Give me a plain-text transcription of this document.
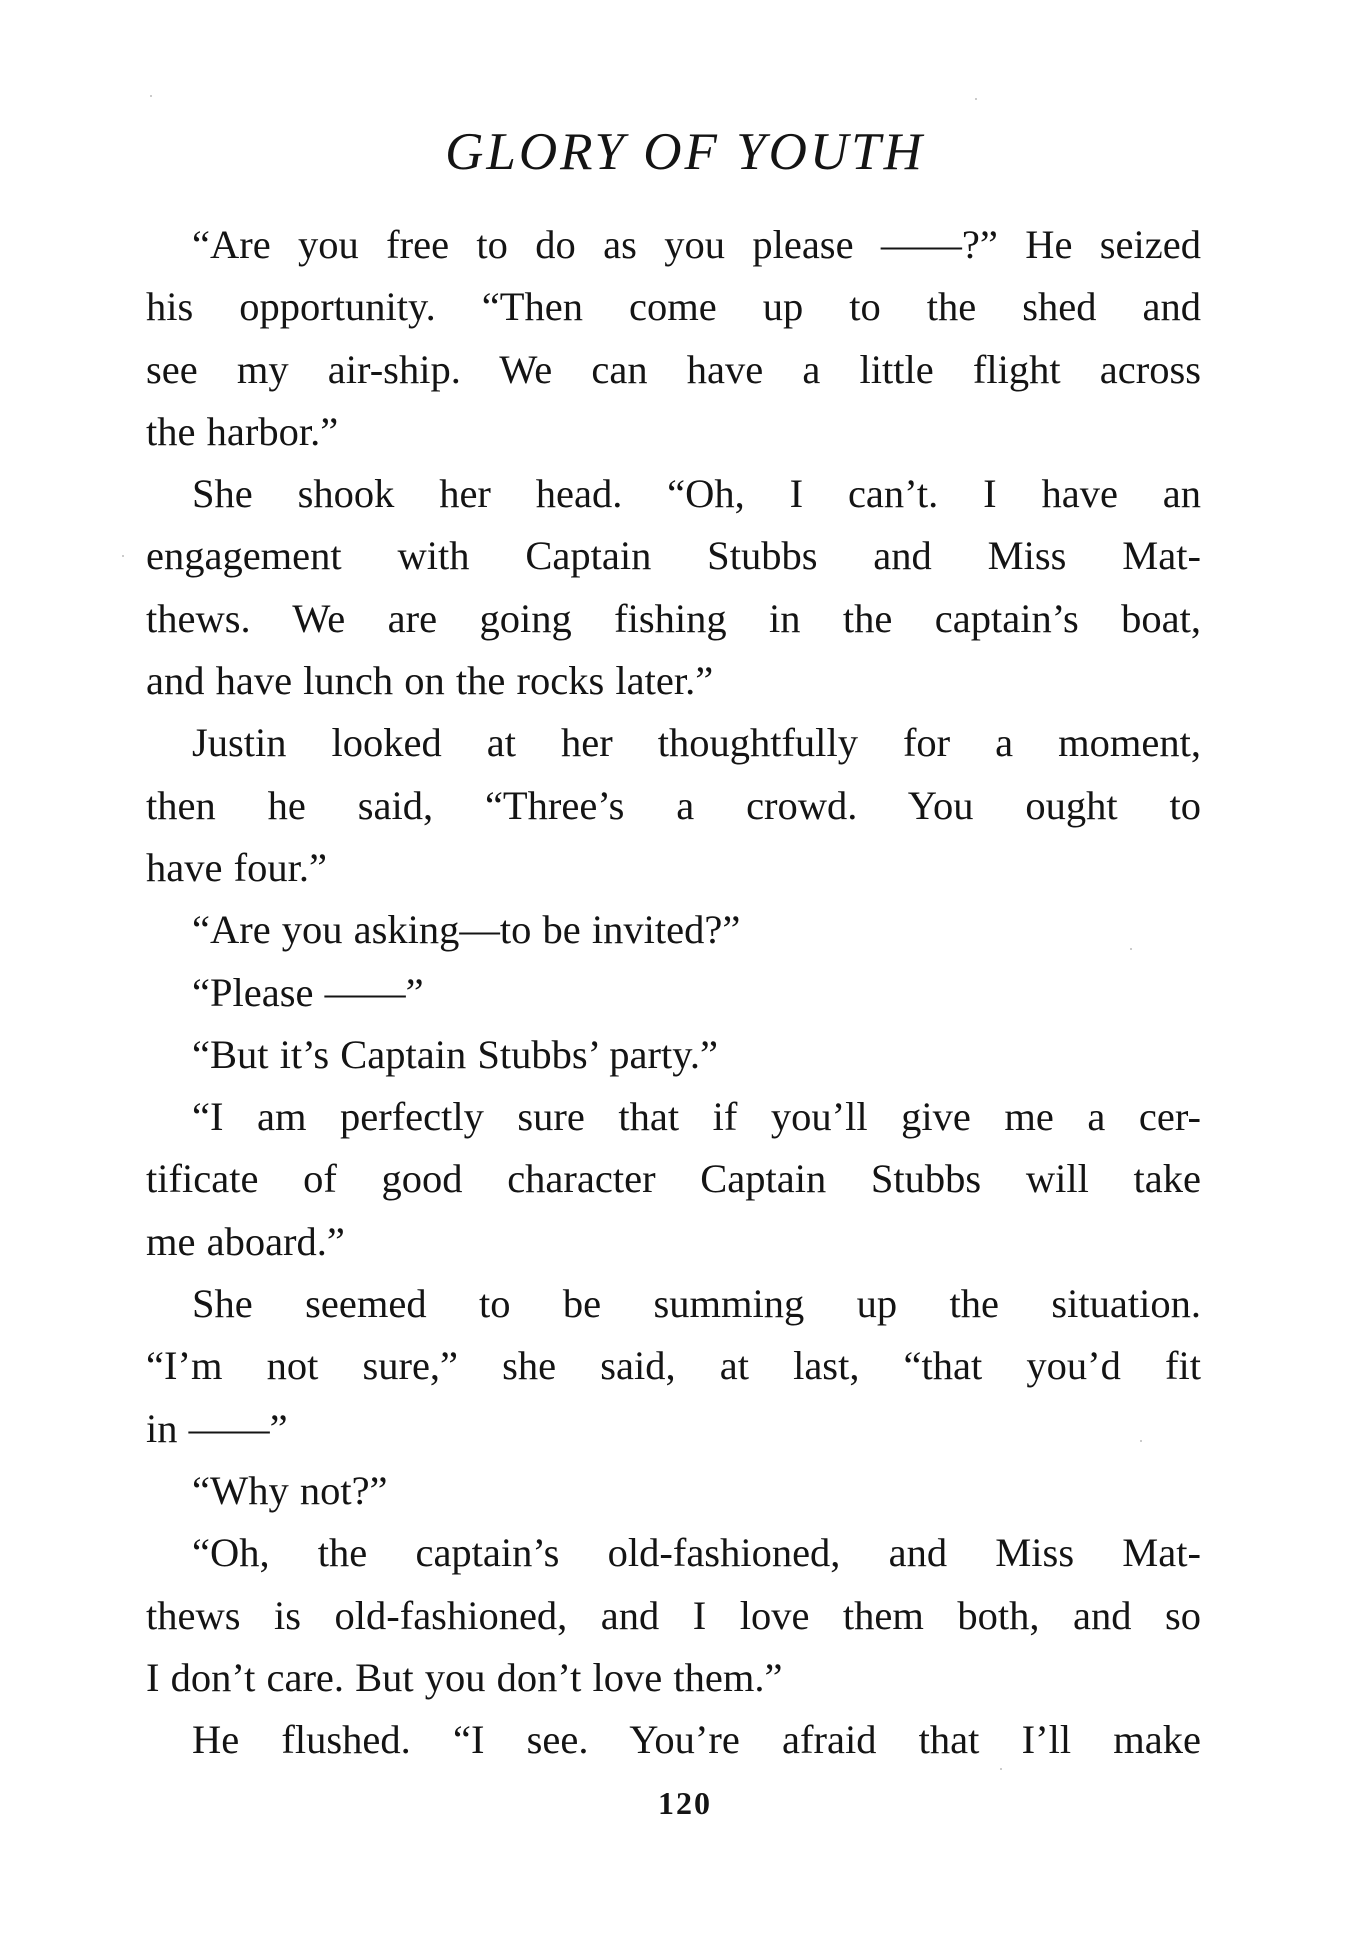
GLORY OF YOUTH
“Are you free to do as you please ——?” He seized
his opportunity. “Then come up to the shed and
see my air-ship. We can have a little flight across
the harbor.”
She shook her head. “Oh, I can’t. I have an
engagement with Captain Stubbs and Miss Mat-
thews. We are going fishing in the captain’s boat,
and have lunch on the rocks later.”
Justin looked at her thoughtfully for a moment,
then he said, “Three’s a crowd. You ought to
have four.”
“Are you asking—to be invited?”
“Please ——”
“But it’s Captain Stubbs’ party.”
“I am perfectly sure that if you’ll give me a cer-
tificate of good character Captain Stubbs will take
me aboard.”
She seemed to be summing up the situation.
“I’m not sure,” she said, at last, “that you’d fit
in ——”
“Why not?”
“Oh, the captain’s old-fashioned, and Miss Mat-
thews is old-fashioned, and I love them both, and so
I don’t care. But you don’t love them.”
He flushed. “I see. You’re afraid that I’ll make
120
